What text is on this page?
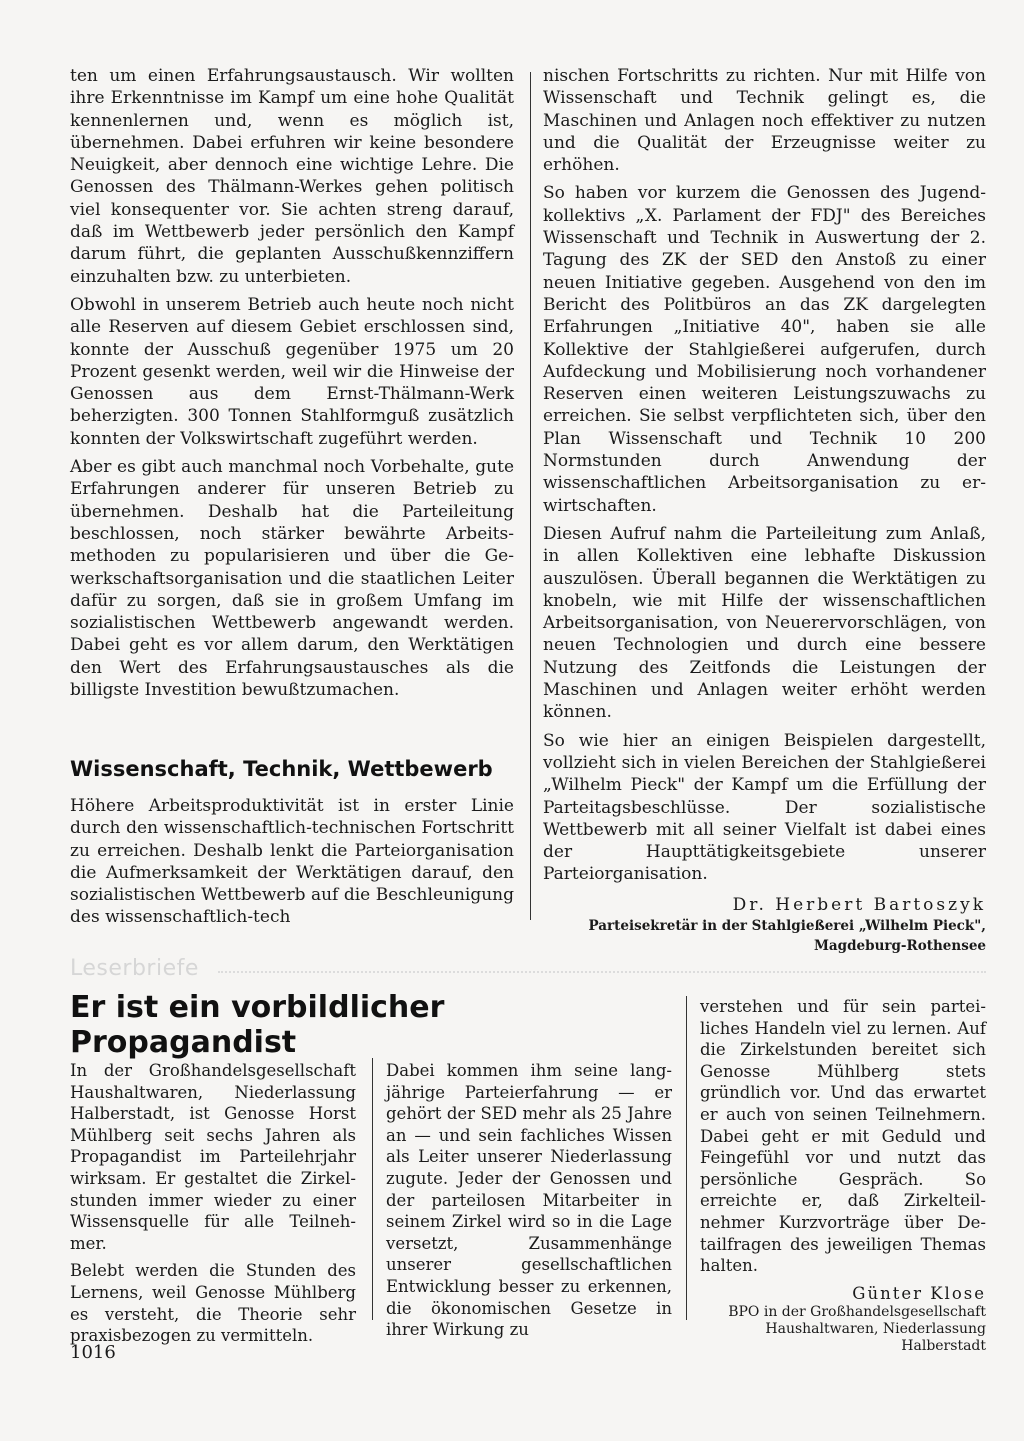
ten um einen Erfahrungsaustausch. Wir wollten ihre Erkenntnisse im Kampf um eine hohe Qualität kennenlernen und, wenn es möglich ist, übernehmen. Dabei erfuhren wir keine besondere Neuigkeit, aber dennoch eine wichtige Lehre. Die Genossen des Thälmann-Werkes gehen politisch viel konsequenter vor. Sie achten streng darauf, daß im Wettbewerb jeder persönlich den Kampf darum führt, die geplanten Ausschußkennziffern einzuhalten bzw. zu unterbieten.

Obwohl in unserem Betrieb auch heute noch nicht alle Reserven auf diesem Gebiet erschlossen sind, konnte der Ausschuß gegenüber 1975 um 20 Prozent gesenkt werden, weil wir die Hinweise der Genossen aus dem Ernst-Thälmann-Werk beherzigten. 300 Tonnen Stahlformguß zusätzlich konnten der Volkswirtschaft zugeführt werden.

Aber es gibt auch manchmal noch Vorbehalte, gute Erfahrungen anderer für unseren Betrieb zu übernehmen. Deshalb hat die Parteileitung beschlossen, noch stärker bewährte Arbeitsmethoden zu popularisieren und über die Gewerkschaftsorganisation und die staatlichen Leiter dafür zu sorgen, daß sie in großem Umfang im sozialistischen Wettbewerb angewandt werden. Dabei geht es vor allem darum, den Werktätigen den Wert des Erfahrungsaustausches als die billigste Investition bewußtzumachen.

Wissenschaft, Technik, Wettbewerb

Höhere Arbeitsproduktivität ist in erster Linie durch den wissenschaftlich-technischen Fortschritt zu erreichen. Deshalb lenkt die Parteiorganisation die Aufmerksamkeit der Werktätigen darauf, den sozialistischen Wettbewerb auf die Beschleunigung des wissenschaftlich-tech

nischen Fortschritts zu richten. Nur mit Hilfe von Wissenschaft und Technik gelingt es, die Maschinen und Anlagen noch effektiver zu nutzen und die Qualität der Erzeugnisse weiter zu erhöhen.

So haben vor kurzem die Genossen des Jugendkollektivs „X. Parlament der FDJ" des Bereiches Wissenschaft und Technik in Auswertung der 2. Tagung des ZK der SED den Anstoß zu einer neuen Initiative gegeben. Ausgehend von den im Bericht des Politbüros an das ZK dargelegten Erfahrungen „Initiative 40", haben sie alle Kollektive der Stahlgießerei aufgerufen, durch Aufdeckung und Mobilisierung noch vorhandener Reserven einen weiteren Leistungszuwachs zu erreichen. Sie selbst verpflichteten sich, über den Plan Wissenschaft und Technik 10 200 Normstunden durch Anwendung der wissenschaftlichen Arbeitsorganisation zu erwirtschaften.

Diesen Aufruf nahm die Parteileitung zum Anlaß, in allen Kollektiven eine lebhafte Diskussion auszulösen. Überall begannen die Werktätigen zu knobeln, wie mit Hilfe der wissenschaftlichen Arbeitsorganisation, von Neuerervorschlägen, von neuen Technologien und durch eine bessere Nutzung des Zeitfonds die Leistungen der Maschinen und Anlagen weiter erhöht werden können.

So wie hier an einigen Beispielen dargestellt, vollzieht sich in vielen Bereichen der Stahlgießerei „Wilhelm Pieck" der Kampf um die Erfüllung der Parteitagsbeschlüsse. Der sozialistische Wettbewerb mit all seiner Vielfalt ist dabei eines der Haupttätigkeitsgebiete unserer Parteiorganisation.

Dr. Herbert Bartoszyk
Parteisekretär in der Stahlgießerei „Wilhelm Pieck",
Magdeburg-Rothensee
Leserbriefe
Er ist ein vorbildlicher Propagandist

In der Großhandelsgesellschaft Haushaltwaren, Niederlassung Halberstadt, ist Genosse Horst Mühlberg seit sechs Jahren als Propagandist im Parteilehrjahr wirksam. Er gestaltet die Zirkelstunden immer wieder zu einer Wissensquelle für alle Teilnehmer.

Belebt werden die Stunden des Lernens, weil Genosse Mühlberg es versteht, die Theorie sehr praxisbezogen zu vermitteln.

Dabei kommen ihm seine langjährige Parteierfahrung — er gehört der SED mehr als 25 Jahre an — und sein fachliches Wissen als Leiter unserer Niederlassung zugute. Jeder der Genossen und der parteilosen Mitarbeiter in seinem Zirkel wird so in die Lage versetzt, Zusammenhänge unserer gesellschaftlichen Entwicklung besser zu erkennen, die ökonomischen Gesetze in ihrer Wirkung zu

verstehen und für sein parteiliches Handeln viel zu lernen. Auf die Zirkelstunden bereitet sich Genosse Mühlberg stets gründlich vor. Und das erwartet er auch von seinen Teilnehmern. Dabei geht er mit Geduld und Feingefühl vor und nutzt das persönliche Gespräch. So erreichte er, daß Zirkelteilnehmer Kurzvorträge über Detailfragen des jeweiligen Themas halten.

Günter Klose
BPO in der Großhandelsgesellschaft
Haushaltwaren, Niederlassung
Halberstadt
1016
